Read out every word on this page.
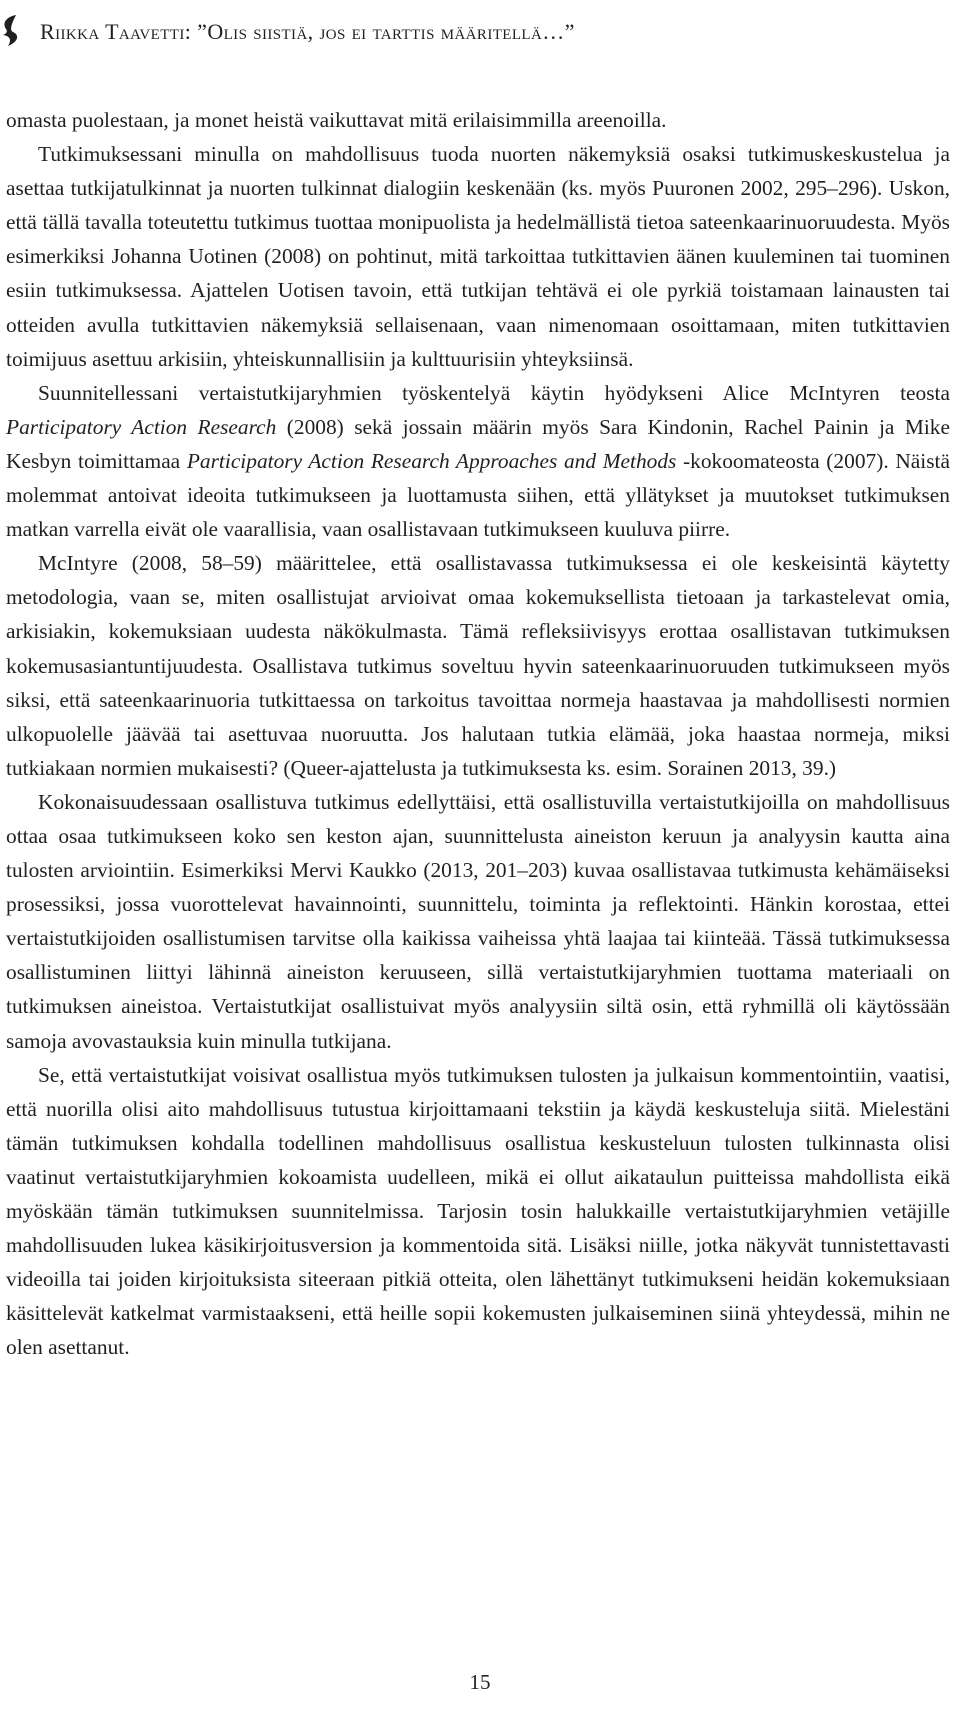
Riikka Taavetti: ”Olis siistiä, jos ei tarttis määritellä…”

omasta puolestaan, ja monet heistä vaikuttavat mitä erilaisimmilla areenoilla.

Tutkimuksessani minulla on mahdollisuus tuoda nuorten näkemyksiä osaksi tutkimuskeskustelua ja asettaa tutkijatulkinnat ja nuorten tulkinnat dialogiin keskenään (ks. myös Puuronen 2002, 295–296). Uskon, että tällä tavalla toteutettu tutkimus tuottaa monipuolista ja hedelmällistä tietoa sateenkaarinuoruudesta. Myös esimerkiksi Johanna Uotinen (2008) on pohtinut, mitä tarkoittaa tutkittavien äänen kuuleminen tai tuominen esiin tutkimuksessa. Ajattelen Uotisen tavoin, että tutkijan tehtävä ei ole pyrkiä toistamaan lainausten tai otteiden avulla tutkittavien näkemyksiä sellaisenaan, vaan nimenomaan osoittamaan, miten tutkittavien toimijuus asettuu arkisiin, yhteiskunnallisiin ja kulttuurisiin yhteyksiinsä.

Suunnitellessani vertaistutkijaryhmien työskentelyä käytin hyödykseni Alice McIntyren teosta Participatory Action Research (2008) sekä jossain määrin myös Sara Kindonin, Rachel Painin ja Mike Kesbyn toimittamaa Participatory Action Research Approaches and Methods -kokoomateosta (2007). Näistä molemmat antoivat ideoita tutkimukseen ja luottamusta siihen, että yllätykset ja muutokset tutkimuksen matkan varrella eivät ole vaarallisia, vaan osallistavaan tutkimukseen kuuluva piirre.

McIntyre (2008, 58–59) määrittelee, että osallistavassa tutkimuksessa ei ole keskeisintä käytetty metodologia, vaan se, miten osallistujat arvioivat omaa kokemuksellista tietoaan ja tarkastelevat omia, arkisiakin, kokemuksiaan uudesta näkökulmasta. Tämä refleksiivisyys erottaa osallistavan tutkimuksen kokemusasiantuntijuudesta. Osallistava tutkimus soveltuu hyvin sateenkaarinuoruuden tutkimukseen myös siksi, että sateenkaarinuoria tutkittaessa on tarkoitus tavoittaa normeja haastavaa ja mahdollisesti normien ulkopuolelle jäävää tai asettuvaa nuoruutta. Jos halutaan tutkia elämää, joka haastaa normeja, miksi tutkiakaan normien mukaisesti? (Queer-ajattelusta ja tutkimuksesta ks. esim. Sorainen 2013, 39.)

Kokonaisuudessaan osallistuva tutkimus edellyttäisi, että osallistuvilla vertaistutkijoilla on mahdollisuus ottaa osaa tutkimukseen koko sen keston ajan, suunnittelusta aineiston keruun ja analyysin kautta aina tulosten arviointiin. Esimerkiksi Mervi Kaukko (2013, 201–203) kuvaa osallistavaa tutkimusta kehämäiseksi prosessiksi, jossa vuorottelevat havainnointi, suunnittelu, toiminta ja reflektointi. Hänkin korostaa, ettei vertaistutkijoiden osallistumisen tarvitse olla kaikissa vaiheissa yhtä laajaa tai kiinteää. Tässä tutkimuksessa osallistuminen liittyi lähinnä aineiston keruuseen, sillä vertaistutkijaryhmien tuottama materiaali on tutkimuksen aineistoa. Vertaistutkijat osallistuivat myös analyysiin siltä osin, että ryhmillä oli käytössään samoja avovastauksia kuin minulla tutkijana.

Se, että vertaistutkijat voisivat osallistua myös tutkimuksen tulosten ja julkaisun kommentointiin, vaatisi, että nuorilla olisi aito mahdollisuus tutustua kirjoittamaani tekstiin ja käydä keskusteluja siitä. Mielestäni tämän tutkimuksen kohdalla todellinen mahdollisuus osallistua keskusteluun tulosten tulkinnasta olisi vaatinut vertaistutkijaryhmien kokoamista uudelleen, mikä ei ollut aikataulun puitteissa mahdollista eikä myöskään tämän tutkimuksen suunnitelmissa. Tarjosin tosin halukkaille vertaistutkijaryhmien vetäjille mahdollisuuden lukea käsikirjoitusversion ja kommentoida sitä. Lisäksi niille, jotka näkyvät tunnistettavasti videoilla tai joiden kirjoituksista siteeraan pitkiä otteita, olen lähettänyt tutkimukseni heidän kokemuksiaan käsittelevät katkelmat varmistaakseni, että heille sopii kokemusten julkaiseminen siinä yhteydessä, mihin ne olen asettanut.

15
